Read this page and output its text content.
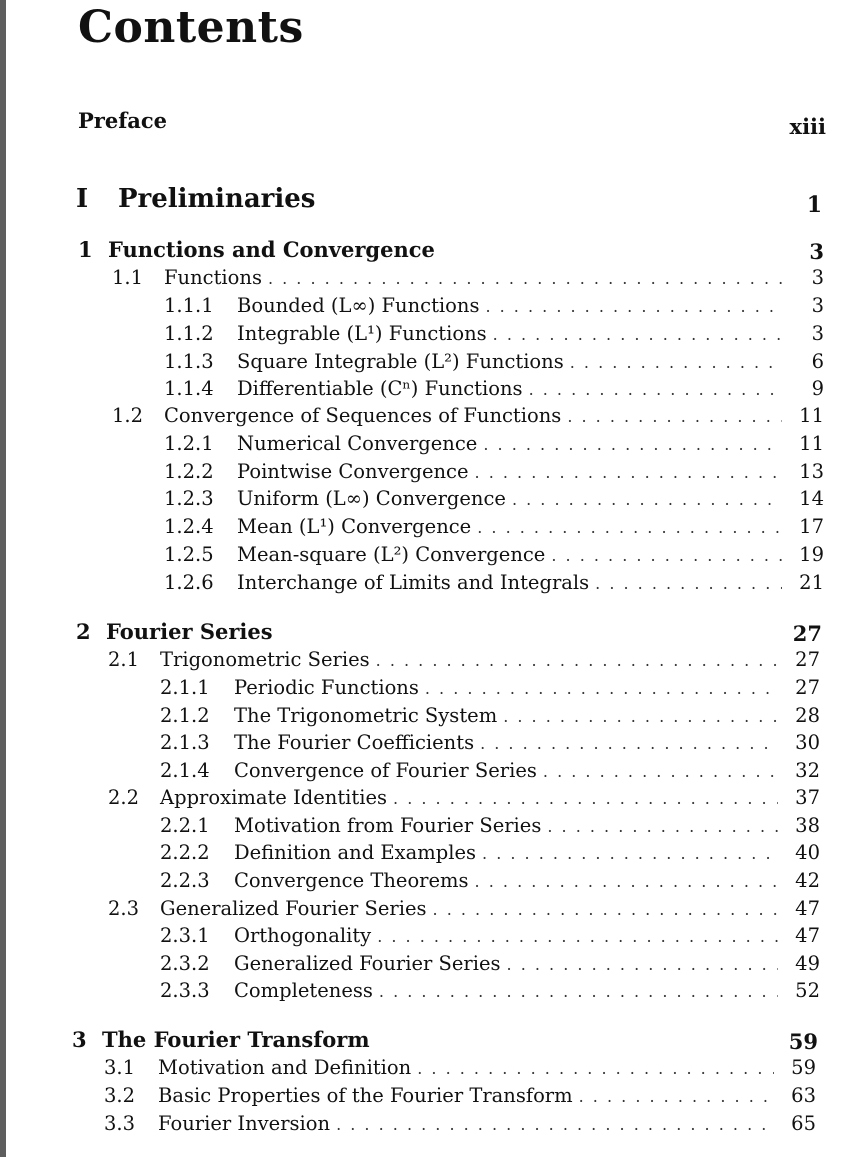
Contents
Preface	xiii
I Preliminaries	1
1 Functions and Convergence	3
1.1	Functions . . .	3
1.1.1	Bounded (L∞) Functions . . .	3
1.1.2	Integrable (L¹) Functions . . .	3
1.1.3	Square Integrable (L²) Functions . . .	6
1.1.4	Differentiable (Cⁿ) Functions . . .	9
1.2	Convergence of Sequences of Functions . . .	11
1.2.1	Numerical Convergence . . .	11
1.2.2	Pointwise Convergence . . .	13
1.2.3	Uniform (L∞) Convergence . . .	14
1.2.4	Mean (L¹) Convergence . . .	17
1.2.5	Mean-square (L²) Convergence . . .	19
1.2.6	Interchange of Limits and Integrals . . .	21
2 Fourier Series	27
2.1	Trigonometric Series . . .	27
2.1.1	Periodic Functions . . .	27
2.1.2	The Trigonometric System . . .	28
2.1.3	The Fourier Coefficients . . .	30
2.1.4	Convergence of Fourier Series . . .	32
2.2	Approximate Identities . . .	37
2.2.1	Motivation from Fourier Series . . .	38
2.2.2	Definition and Examples . . .	40
2.2.3	Convergence Theorems . . .	42
2.3	Generalized Fourier Series . . .	47
2.3.1	Orthogonality . . .	47
2.3.2	Generalized Fourier Series . . .	49
2.3.3	Completeness . . .	52
3 The Fourier Transform	59
3.1	Motivation and Definition . . .	59
3.2	Basic Properties of the Fourier Transform . . .	63
3.3	Fourier Inversion . . .	65
